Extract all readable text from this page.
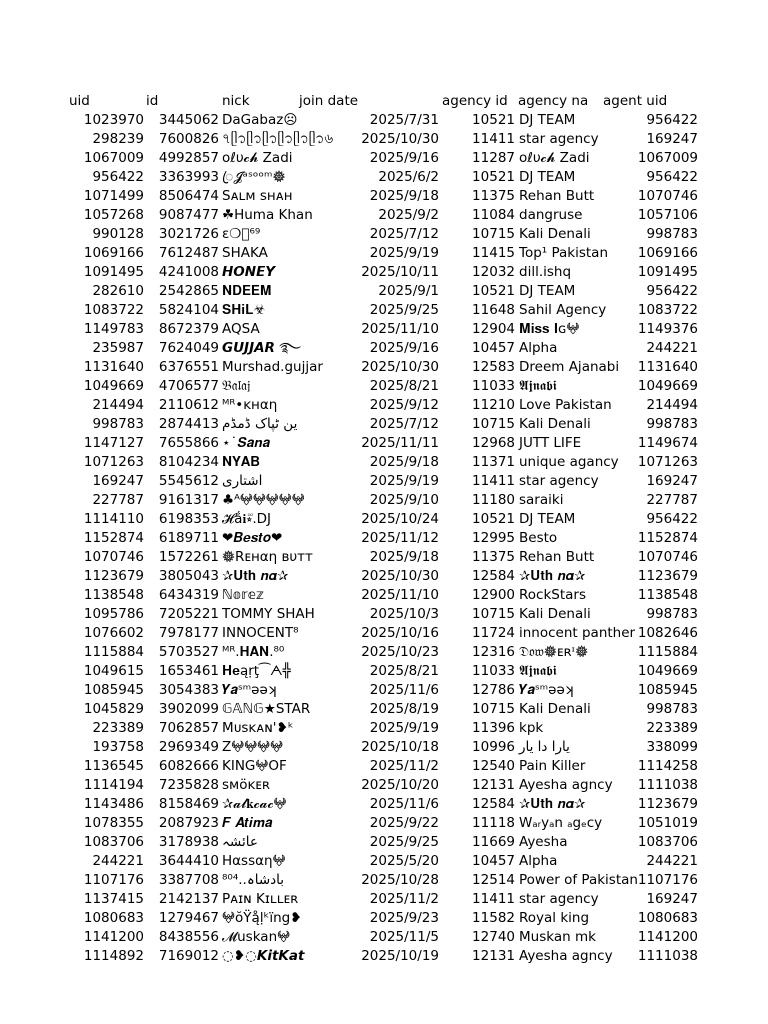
uid	id	nick	join date	agency id agency na agent uid
1023970	3445062 DaGabaz☹	2025/7/31	10521 DJ TEAM	956422
298239	7600826 ৭ᥫ᭡ᥫ᭡ᥫ᭡ᥫ᭡ᥫ᭡ᥫ᭡৬	2025/10/30	11411 star agency	169247
1067009	4992857 ᴏℓυ𝓬𝓱 Zadi	2025/9/16	11287 ᴏℓυ𝓬𝓱 Zadi	1067009
956422	3363993 ꦿ𝓙ᵃˢᵒᵒᵐ𖣔	2025/6/2	10521 DJ TEAM	956422
1071499	8506474 Sᴀʟᴍ sʜᴀʜ	2025/9/18	11375 Rehan Butt	1070746
1057268	9087477 ☘Huma Khan	2025/9/2	11084 dangruse	1057106
990128	3021726 ɛ❍ᷜ⁶⁹	2025/7/12	10715 Kali Denali	998783
1069166	7612487 SHAKA	2025/9/19	11415 Top¹ Pakistan	1069166
1091495	4241008 𝙃𝙊𝙉𝙀𝙔	2025/10/11	12032 dill.ishq	1091495
282610	2542865 𝐍𝐃𝐄𝐄𝐌	2025/9/1	10521 DJ TEAM	956422
1083722	5824104 𝐒𝐇𝐢𝐋☣	2025/9/25	11648 Sahil Agency	1083722
1149783	8672379 AQSA	2025/11/10	12904 𝐌𝐢𝐬𝐬 𝐈ɢ𖤍	1149376
235987	7624049 𝙂𝙐𝙅𝙅𝘼𝙍 ࿐	2025/9/16	10457 Alpha	244221
1131640	6376551 Murshad.gujjar	2025/10/30	12583 Dreem Ajanabi	1131640
1049669	4706577 𝔅𝔞𝔩𝔞𝔧	2025/8/21	11033 𝕬𝖏𝖓𝖆𝖇𝖎	1049669
214494	2110612 ᴹᴿ•ᴋнαη	2025/9/12	11210 Love Pakistan	214494
998783	2874413 ین ٹپاک ڈمڈم	2025/7/12	10715 Kali Denali	998783
1147127	7655866 ⋆˙𝑺𝒂𝒏𝒂	2025/11/11	12968 JUTT LIFE	1149674
1071263	8104234 𝐍𝐘𝐀𝐁	2025/9/18	11371 unique agancy	1071263
169247	5545612 اشتاری	2025/9/19	11411 star agency	169247
227787	9161317 ♣ᴬ𖤍𖤍𖤍𖤍𖤍	2025/9/10	11180 saraiki	227787
1114110	6198353 𝓗ắ𝐢⭒᪲.DJ	2025/10/24	10521 DJ TEAM	956422
1152874	6189711 ❤𝑩𝒆𝒔𝒕𝒐❤	2025/11/12	12995 Besto	1152874
1070746	1572261 𖣔Rᴇнαη ʙυтт	2025/9/18	11375 Rehan Butt	1070746
1123679	3805043 ✰𝐔𝐭𝐡 𝒏𝜶✰	2025/10/30	12584 ✰𝐔𝐭𝐡 𝒏𝜶✰	1123679
1138548	6434319 ℕ𝕠𝕣𝕖𝕫	2025/11/10	12900 RockStars	1138548
1095786	7205221 TOMMY SHAH	2025/10/3	10715 Kali Denali	998783
1076602	7978177 INNOCENT⁸	2025/10/16	11724 innocent panther 1082646
1115884	5703527 ᴹᴿ.𝐇𝐀𝐍.⁸⁰	2025/10/23	12316 𝔇𝔬𝔴𖣔ᴇʀᶦ𖣔	1115884
1049615	1653461 𝐇𝐞ąṛţ⁀ᗅ╬	2025/8/21	11033 𝕬𝖏𝖓𝖆𝖇𝖎	1049669
1085945	3054383 𝒀𝒂ˢᵐəəʞ	2025/11/6	12786 𝒀𝒂ˢᵐəəʞ	1085945
1045829	3902099 𝔾𝔸ℕ𝔾★STAR	2025/8/19	10715 Kali Denali	998783
223389	7062857 Mᴜsᴋᴀɴ'❥ᵏ	2025/9/19	11396 kpk	223389
193758	2969349 Z𖤍𖤍𖤍𖤍	2025/10/18	10996 یارا دا یار	338099
1136545	6082666 KING𖤍OF	2025/11/2	12540 Pain Killer	1114258
1114194	7235828 sᴍᴏ̈ᴋᴇʀ	2025/10/20	12131 Ayesha agncy	1111038
1143486	8158469 ✰𝓪𝓵𝐤𝓬𝓪𝓬𖤍	2025/11/6	12584 ✰𝐔𝐭𝐡 𝒏𝜶✰	1123679
1078355	2087923 𝑭 𝑨𝒕𝒊𝒎𝒂	2025/9/22	11118 Wₐᵣyₐn ₐgₑcy	1051019
1083706	3178938 عائشہ	2025/9/25	11669 Ayesha	1083706
244221	3644410 Hαssαη𖤍	2025/5/20	10457 Alpha	244221
1107176	3387708 بادشاہ..⁸⁰⁴	2025/10/28	12514 Power of Pakistan 1107176
1137415	2142137 Pᴀɪɴ Kɪʟʟᴇʀ	2025/11/2	11411 star agency	169247
1080683	1279467 𖤍ŏŸą̊ḷᵏïng❥	2025/9/23	11582 Royal king	1080683
1141200	8438556 𝓜uskan𖤍	2025/11/5	12740 Muskan mk	1141200
1114892	7169012 ◌❥◌𝙆𝙞𝙩𝙆𝙖𝙩	2025/10/19	12131 Ayesha agncy	1111038
